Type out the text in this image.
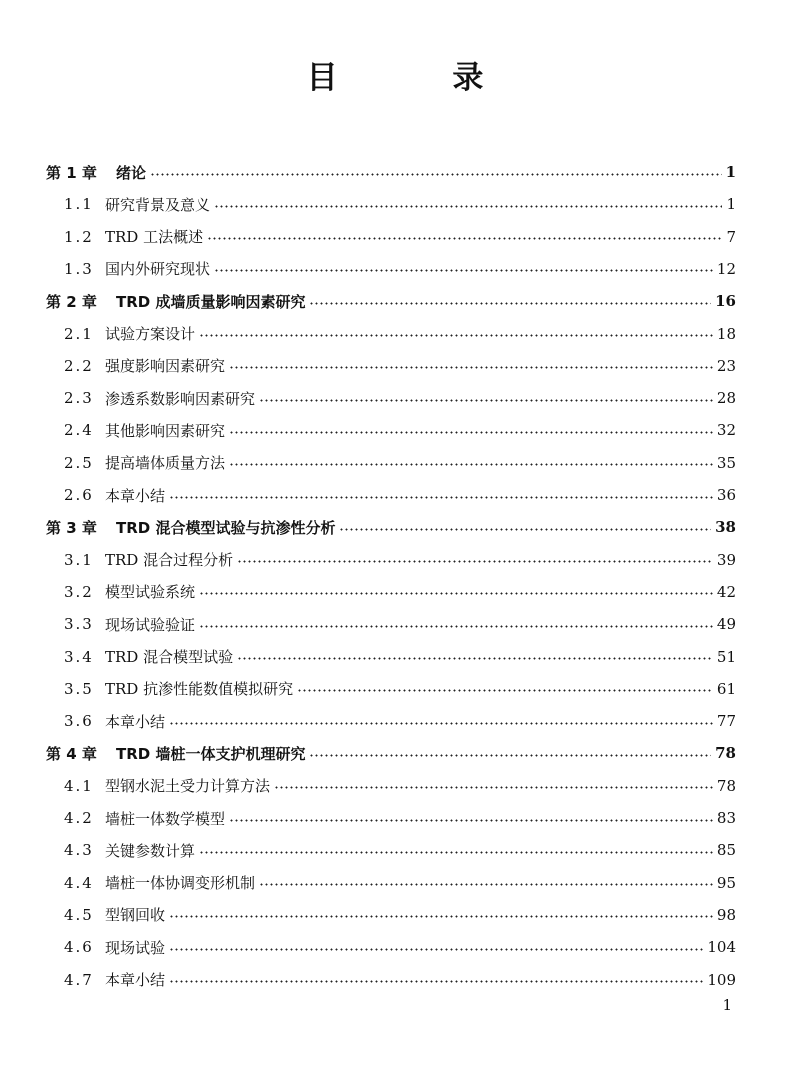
目 录
第 1 章	绪论	1
1.1 研究背景及意义	1
1.2 TRD 工法概述	7
1.3 国内外研究现状	12
第 2 章	TRD 成墙质量影响因素研究	16
2.1 试验方案设计	18
2.2 强度影响因素研究	23
2.3 渗透系数影响因素研究	28
2.4 其他影响因素研究	32
2.5 提高墙体质量方法	35
2.6 本章小结	36
第 3 章	TRD 混合模型试验与抗渗性分析	38
3.1 TRD 混合过程分析	39
3.2 模型试验系统	42
3.3 现场试验验证	49
3.4 TRD 混合模型试验	51
3.5 TRD 抗渗性能数值模拟研究	61
3.6 本章小结	77
第 4 章	TRD 墙桩一体支护机理研究	78
4.1 型钢水泥土受力计算方法	78
4.2 墙桩一体数学模型	83
4.3 关键参数计算	85
4.4 墙桩一体协调变形机制	95
4.5 型钢回收	98
4.6 现场试验	104
4.7 本章小结	109
1
